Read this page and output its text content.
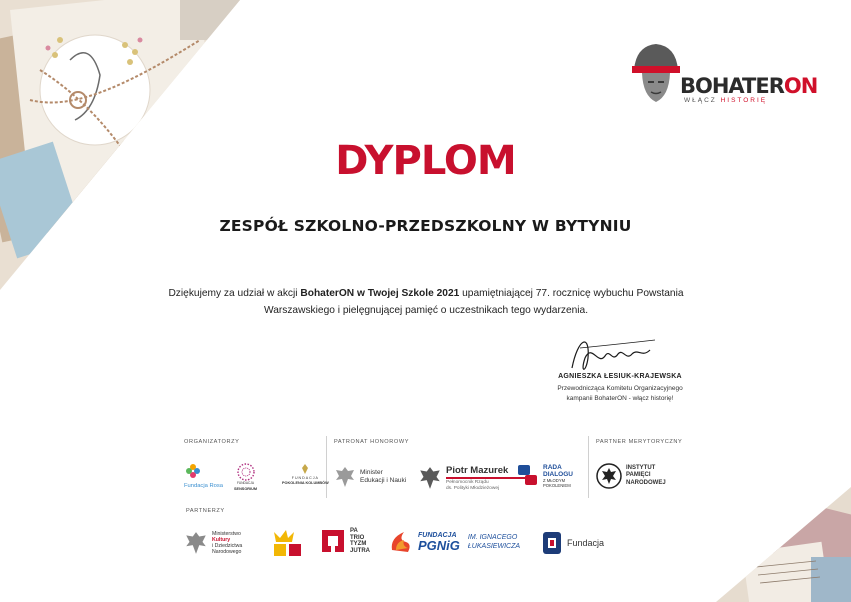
BOHATERON
WŁĄCZ HISTORIĘ
DYPLOM
ZESPÓŁ SZKOLNO-PRZEDSZKOLNY W BYTYNIU
Dziękujemy za udział w akcji BohaterON w Twojej Szkole 2021 upamiętniającej 77. rocznicę wybuchu Powstania
Warszawskiego i pielęgnującej pamięć o uczestnikach tego wydarzenia.
AGNIESZKA ŁESIUK-KRAJEWSKA
Przewodnicząca Komitetu Organizacyjnego
kampanii BohaterON - włącz historię!
ORGANIZATORZY	PATRONAT HONOROWY	PARTNER MERYTORYCZNY
PARTNERZY
Fundacja Rosa	FUNDACJA
SENSORIUM
FUNDACJA
POKOLENIA KOLUMBÓW
Minister
Edukacji i Nauki
Piotr Mazurek
Pełnomocnik Rządu
ds. Polityki Młodzieżowej
RADA
DIALOGU
Z MŁODYM
POKOLENIEM
INSTYTUT
PAMIĘCI
NARODOWEJ
Ministerstwo
Kultury
i Dziedzictwa
Narodowego
PA
TRIO
TYZM
JUTRA
FUNDACJA
PGNiG
IM. IGNACEGO
ŁUKASIEWICZA	Fundacja
